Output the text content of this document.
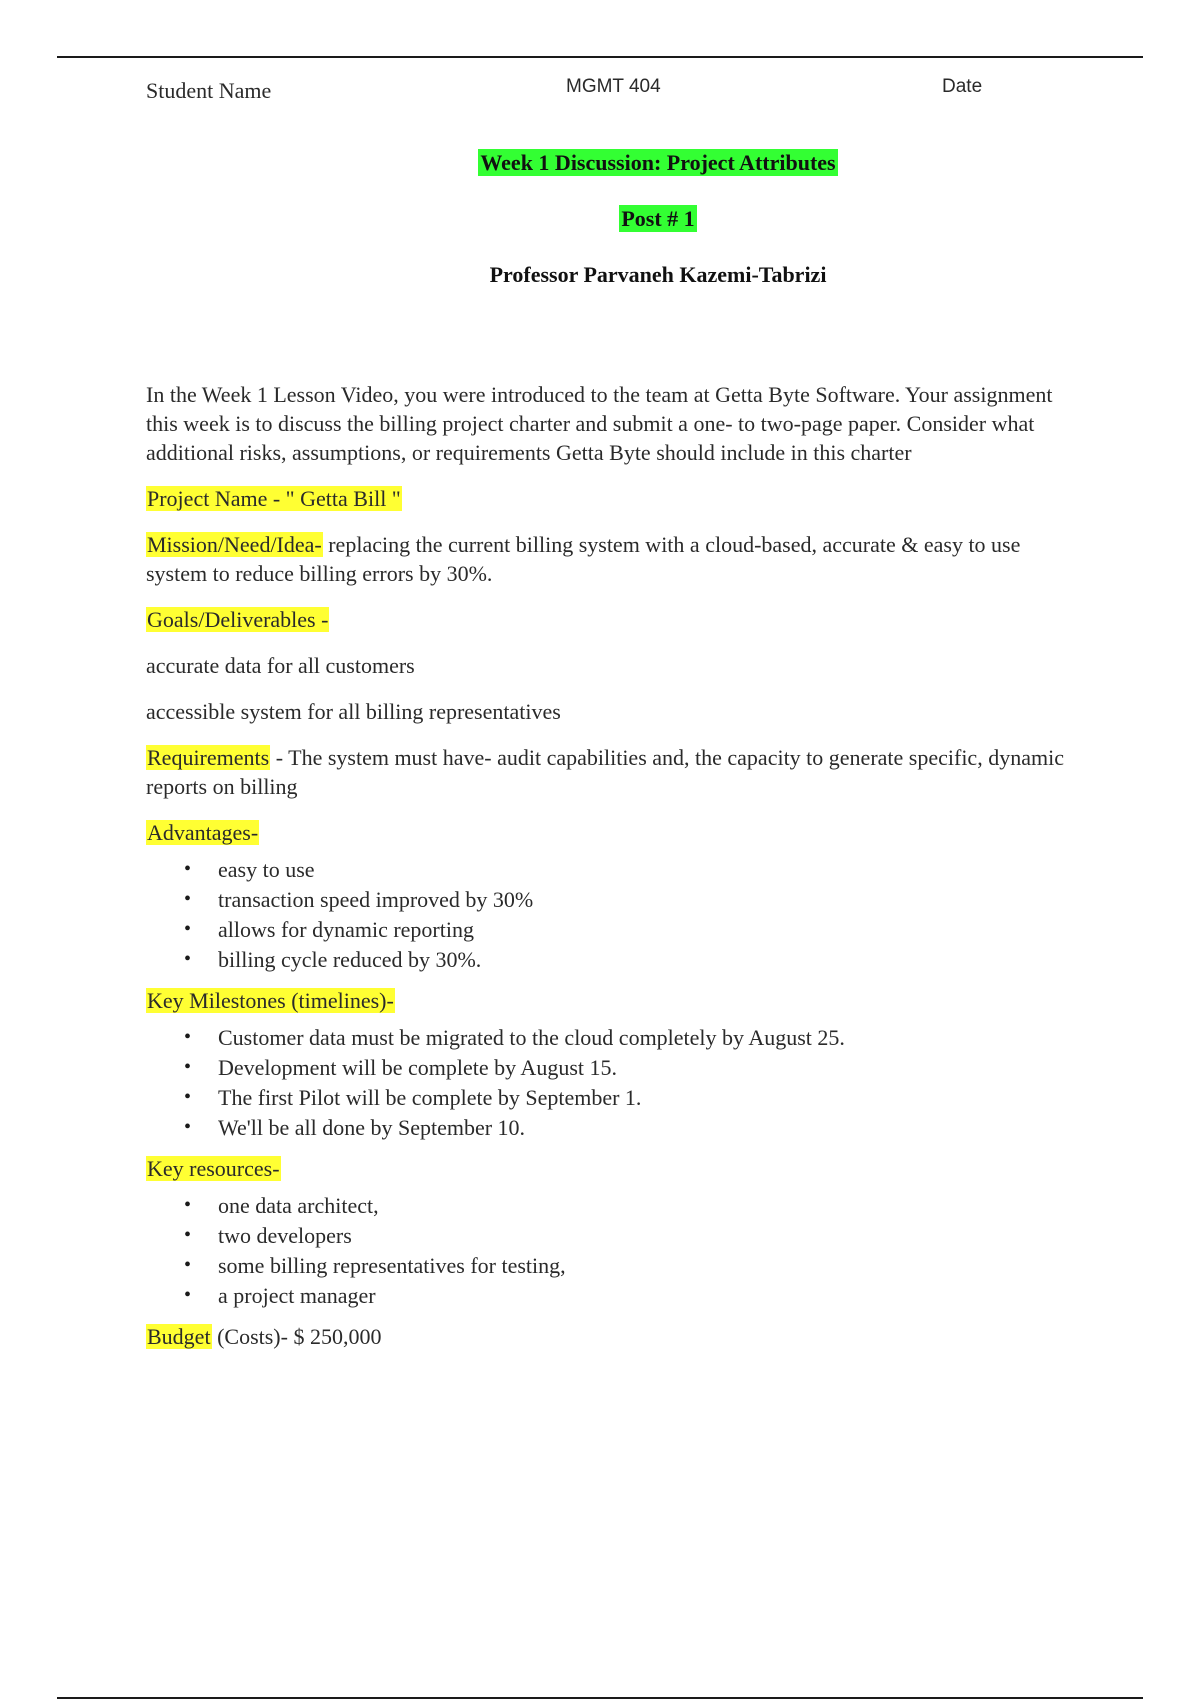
Student Name	MGMT 404	Date
Week 1 Discussion: Project Attributes
Post # 1
Professor Parvaneh Kazemi-Tabrizi

In the Week 1 Lesson Video, you were introduced to the team at Getta Byte Software. Your assignment this week is to discuss the billing project charter and submit a one- to two-page paper. Consider what additional risks, assumptions, or requirements Getta Byte should include in this charter

Project Name - " Getta Bill "

Mission/Need/Idea- replacing the current billing system with a cloud-based, accurate & easy to use system to reduce billing errors by 30%.

Goals/Deliverables -

accurate data for all customers

accessible system for all billing representatives

Requirements - The system must have- audit capabilities and, the capacity to generate specific, dynamic reports on billing

Advantages-

• easy to use
• transaction speed improved by 30%
• allows for dynamic reporting
• billing cycle reduced by 30%.

Key Milestones (timelines)-

• Customer data must be migrated to the cloud completely by August 25.
• Development will be complete by August 15.
• The first Pilot will be complete by September 1.
• We'll be all done by September 10.

Key resources-

• one data architect,
• two developers
• some billing representatives for testing,
• a project manager

Budget (Costs)- $ 250,000
